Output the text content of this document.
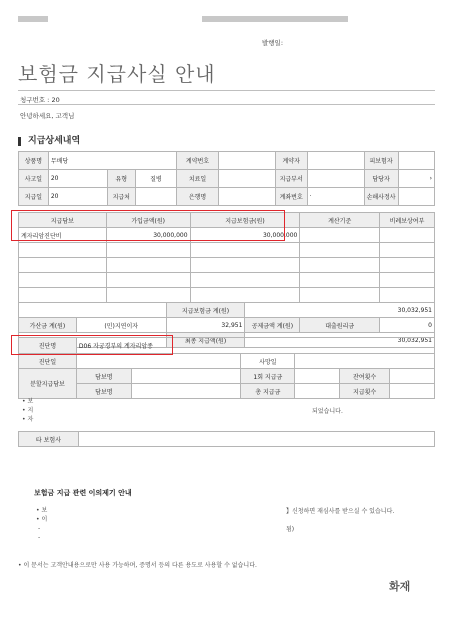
발행일:
보험금 지급사실 안내
청구번호 : 20
안녕하세요, 고객님
지급상세내역
상품명	무배당			계약번호		계약자		피보험자	
사고일	20	유형	질병	치료일		지급부서		담당자	›
지급일	20	지급처		은행명		계좌번호	·	손해사정사	
지급담보		가입금액(원)		지급보험금(원)		계산기준	비례보상여부
계자리암진단비		30,000,000		30,000,000			

			지급보험금 계(원)		30,032,951		
가산금 계(원)	(민)지연이자		32,951		공제금액 계(원)	대출원리금	0
			최종 지급액(원)		30,032,951		
진단명	D06 자궁경부의 계자리암종					
진단일			사망일			
분할지급담보	담보명		1회 지급금		잔여횟수	
	담보명		총 지급금		지급횟수	
• 보
• 지
• 자
되었습니다.
타 보험사	
보험금 지급 관련 이의제기 안내
• 보
• 이
-
-
】신청하면 재심사를 받으실 수 있습니다.
됨)
• 이 문서는 고객안내용으로만 사용 가능하며, 증명서 등의 다른 용도로 사용할 수 없습니다.
화재
